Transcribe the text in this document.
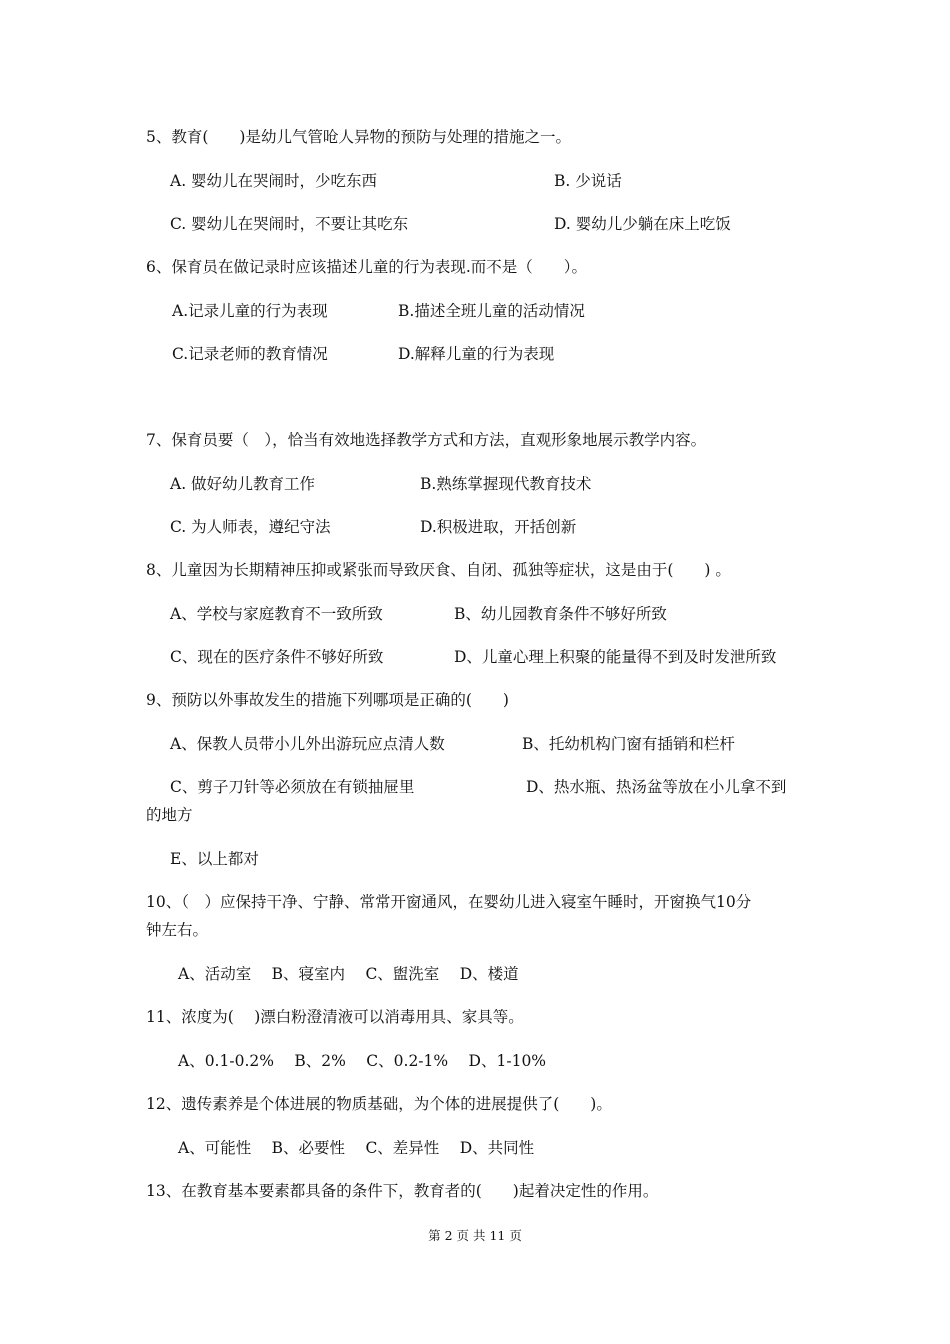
5、教育(　　)是幼儿气管呛人异物的预防与处理的措施之一。
A. 婴幼儿在哭闹时，少吃东西	B. 少说话
C. 婴幼儿在哭闹时，不要让其吃东	D. 婴幼儿少躺在床上吃饭
6、保育员在做记录时应该描述儿童的行为表现.而不是（　　）。
A.记录儿童的行为表现	B.描述全班儿童的活动情况
C.记录老师的教育情况	D.解释儿童的行为表现
7、保育员要（　），恰当有效地选择教学方式和方法，直观形象地展示教学内容。
A. 做好幼儿教育工作	B.熟练掌握现代教育技术
C. 为人师表，遵纪守法	D.积极进取，开括创新
8、儿童因为长期精神压抑或紧张而导致厌食、自闭、孤独等症状，这是由于(　　) 。
A、学校与家庭教育不一致所致	B、幼儿园教育条件不够好所致
C、现在的医疗条件不够好所致	D、儿童心理上积聚的能量得不到及时发泄所致
9、预防以外事故发生的措施下列哪项是正确的(　　)
A、保教人员带小儿外出游玩应点清人数	B、托幼机构门窗有插销和栏杆
C、剪子刀针等必须放在有锁抽屉里	D、热水瓶、热汤盆等放在小儿拿不到
的地方
E、以上都对
10、（　）应保持干净、宁静、常常开窗通风，在婴幼儿进入寝室午睡时，开窗换气10分
钟左右。
A、活动室　 B、寝室内　 C、盥洗室　 D、楼道
11、浓度为(　 )漂白粉澄清液可以消毒用具、家具等。
A、0.1-0.2%　 B、2%　 C、0.2-1%　 D、1-10%
12、遗传素养是个体进展的物质基础，为个体的进展提供了(　　)。
A、可能性　 B、必要性　 C、差异性　 D、共同性
13、在教育基本要素都具备的条件下，教育者的(　　)起着决定性的作用。
第 2 页 共 11 页
